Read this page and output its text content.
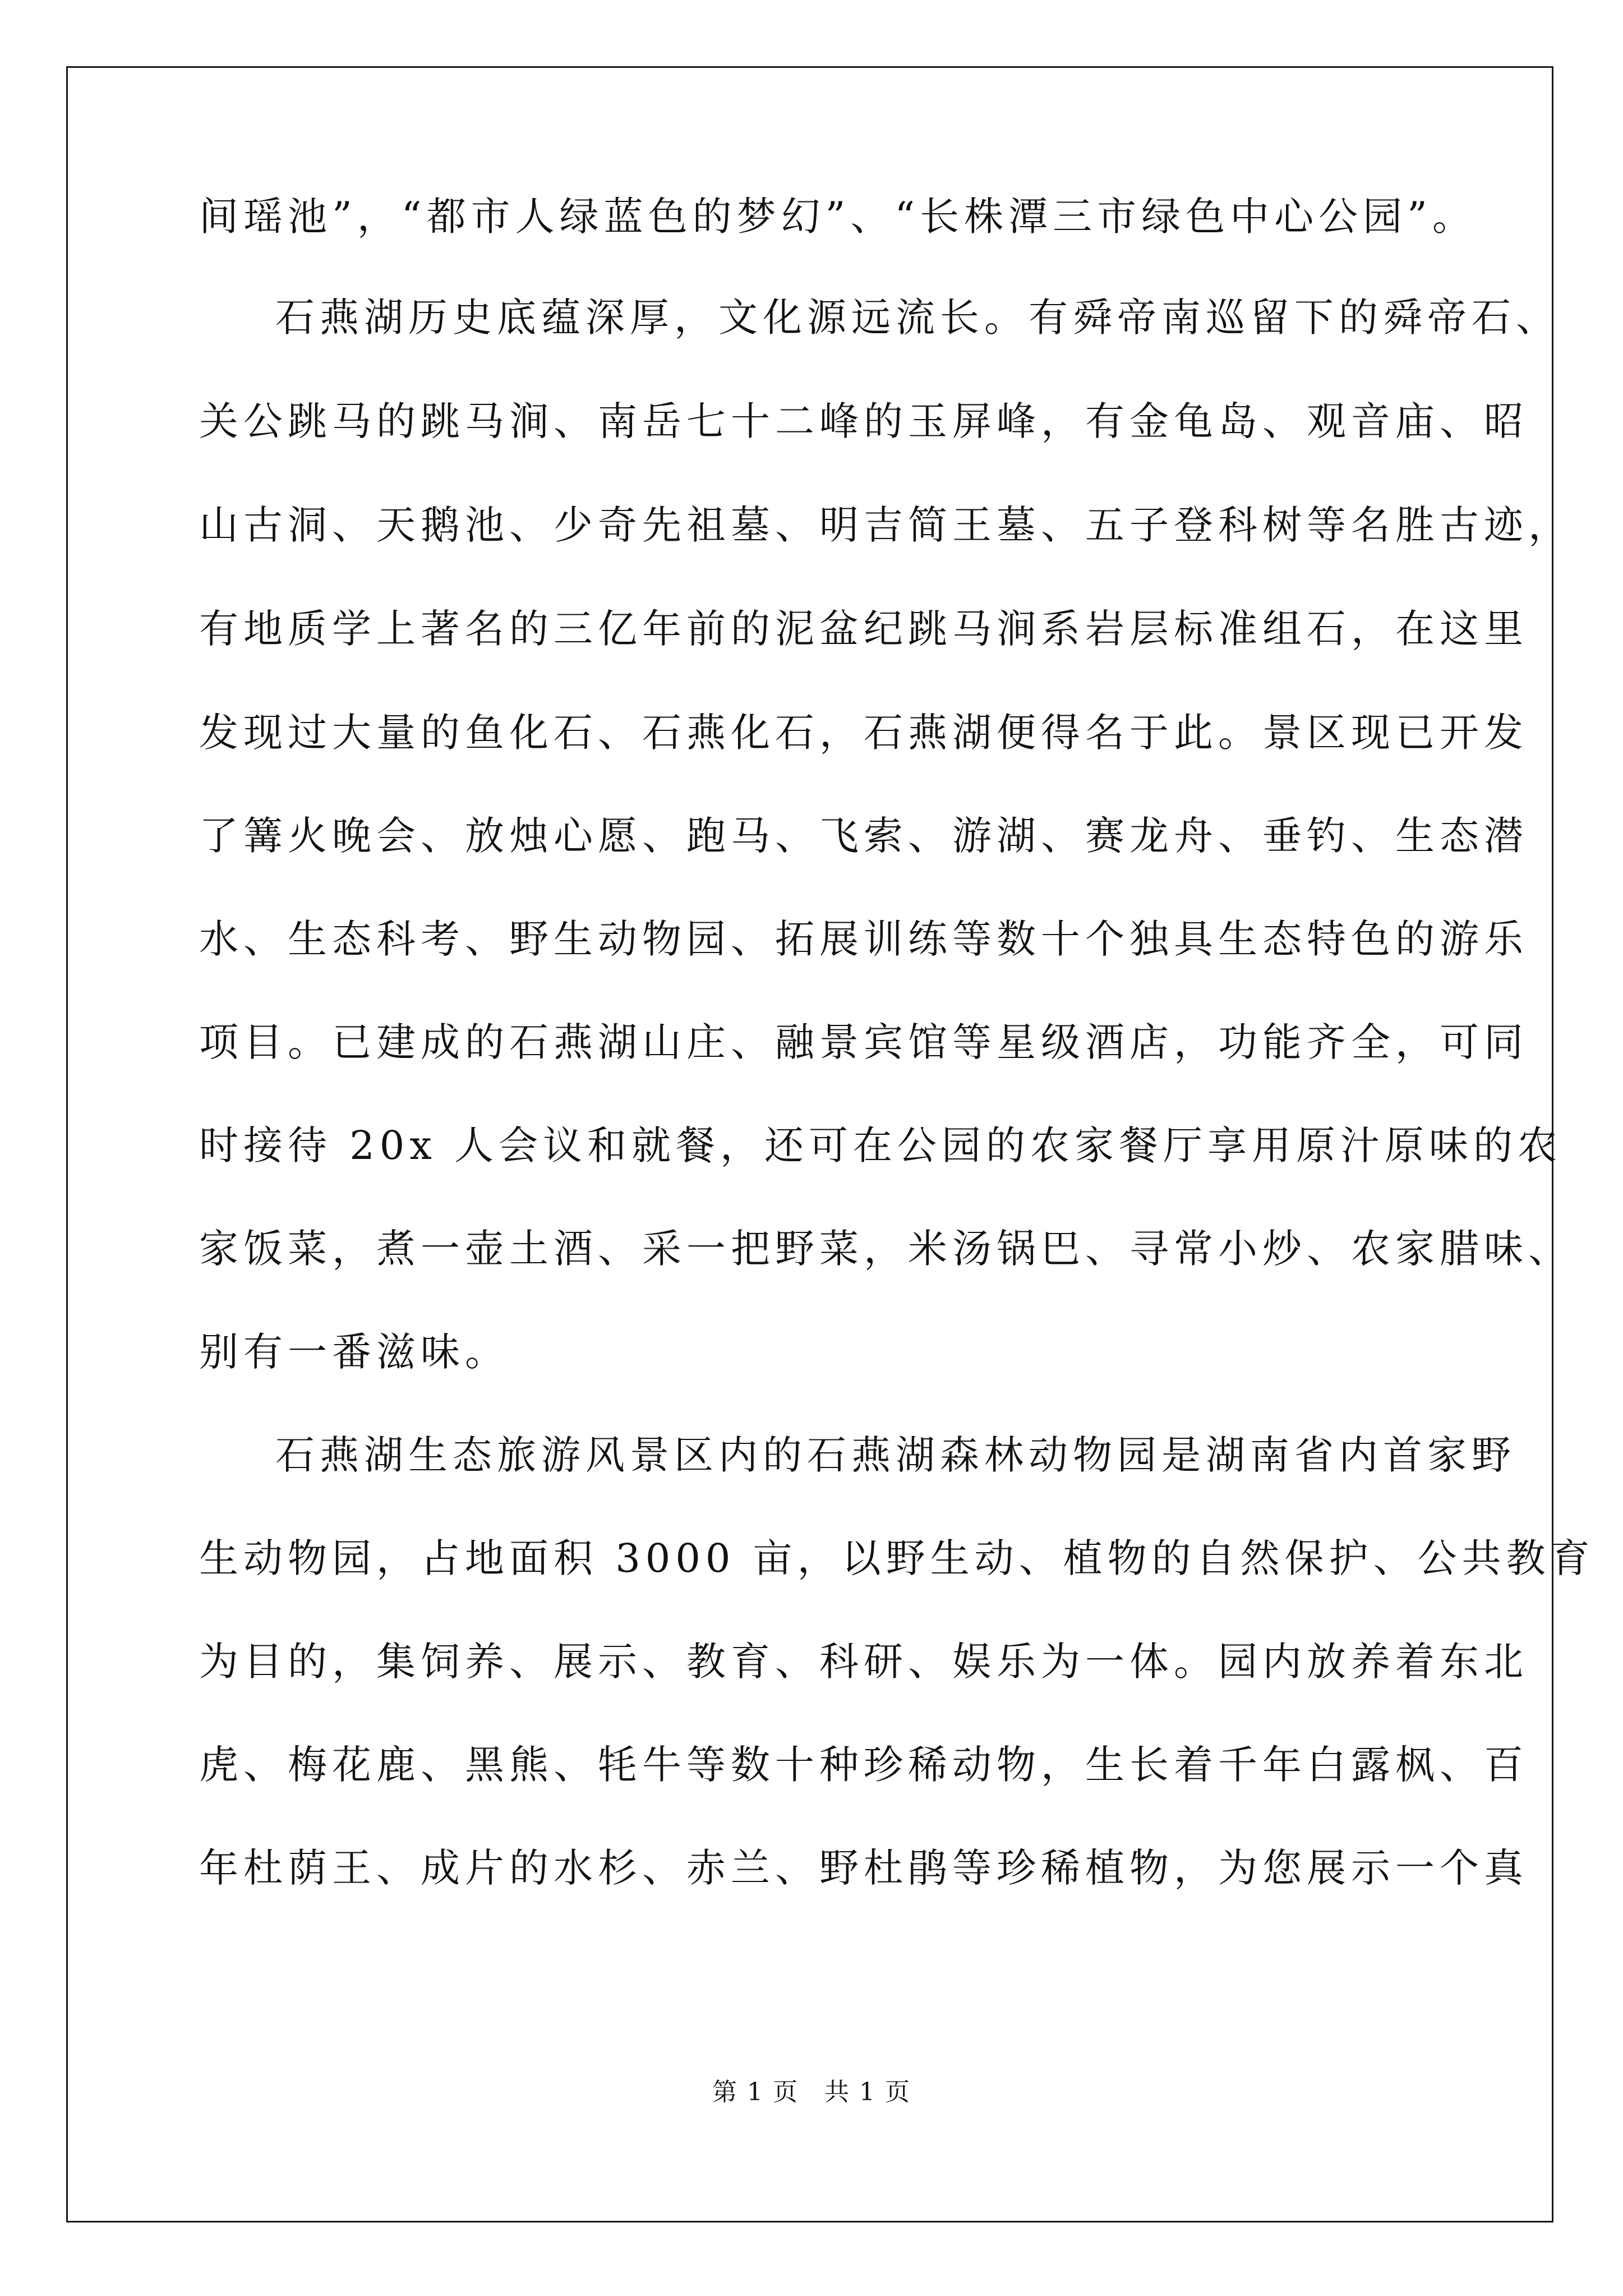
间瑶池”，“都市人绿蓝色的梦幻”、“长株潭三市绿色中心公园”。
石燕湖历史底蕴深厚，文化源远流长。有舜帝南巡留下的舜帝石、
关公跳马的跳马涧、南岳七十二峰的玉屏峰，有金龟岛、观音庙、昭
山古洞、天鹅池、少奇先祖墓、明吉简王墓、五子登科树等名胜古迹，
有地质学上著名的三亿年前的泥盆纪跳马涧系岩层标准组石，在这里
发现过大量的鱼化石、石燕化石，石燕湖便得名于此。景区现已开发
了篝火晚会、放烛心愿、跑马、飞索、游湖、赛龙舟、垂钓、生态潜
水、生态科考、野生动物园、拓展训练等数十个独具生态特色的游乐
项目。已建成的石燕湖山庄、融景宾馆等星级酒店，功能齐全，可同
时接待 20x 人会议和就餐，还可在公园的农家餐厅享用原汁原味的农
家饭菜，煮一壶土酒、采一把野菜，米汤锅巴、寻常小炒、农家腊味、
别有一番滋味。
石燕湖生态旅游风景区内的石燕湖森林动物园是湖南省内首家野
生动物园，占地面积 3000 亩，以野生动、植物的自然保护、公共教育
为目的，集饲养、展示、教育、科研、娱乐为一体。园内放养着东北
虎、梅花鹿、黑熊、牦牛等数十种珍稀动物，生长着千年白露枫、百
年杜荫王、成片的水杉、赤兰、野杜鹃等珍稀植物，为您展示一个真
第 1 页　共 1 页
